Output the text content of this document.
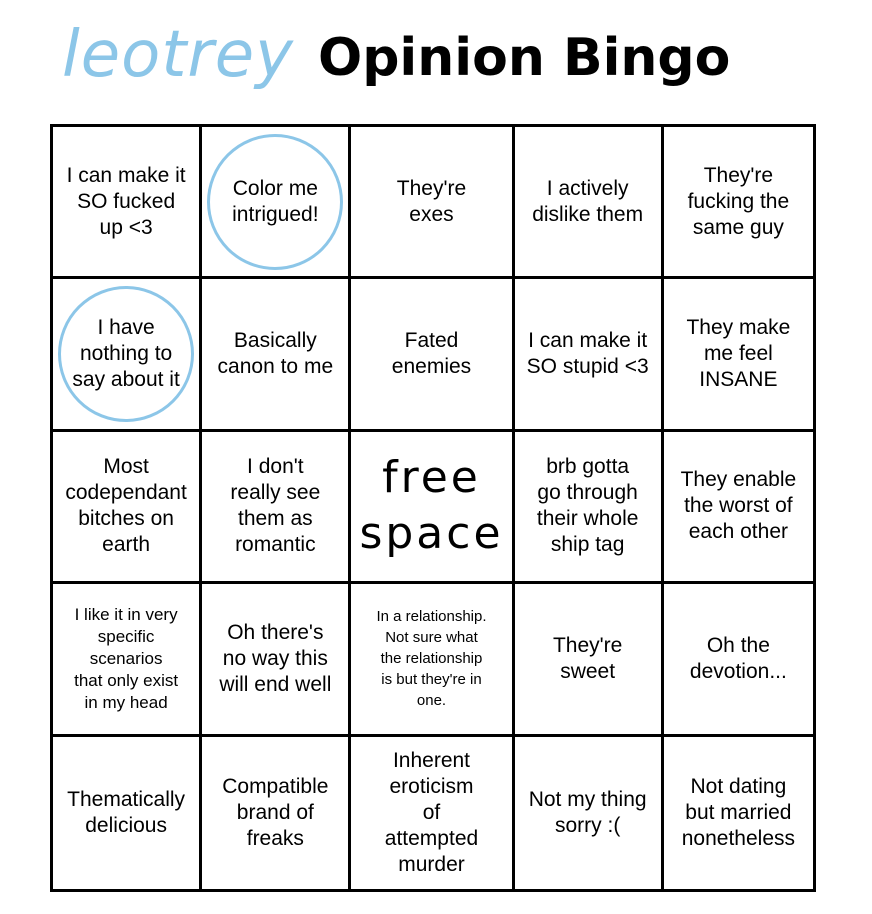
leotrey Opinion Bingo
I can make it
SO fucked
up <3
Color me
intrigued!
They're
exes
I actively
dislike them
They're
fucking the
same guy
I have
nothing to
say about it
Basically
canon to me
Fated
enemies
I can make it
SO stupid <3
They make
me feel
INSANE
Most
codependant
bitches on
earth
I don't
really see
them as
romantic
free
space
brb gotta
go through
their whole
ship tag
They enable
the worst of
each other
I like it in very
specific
scenarios
that only exist
in my head
Oh there's
no way this
will end well
In a relationship.
Not sure what
the relationship
is but they're in
one.
They're
sweet
Oh the
devotion...
Thematically
delicious
Compatible
brand of
freaks
Inherent
eroticism
of
attempted
murder
Not my thing
sorry :(
Not dating
but married
nonetheless
